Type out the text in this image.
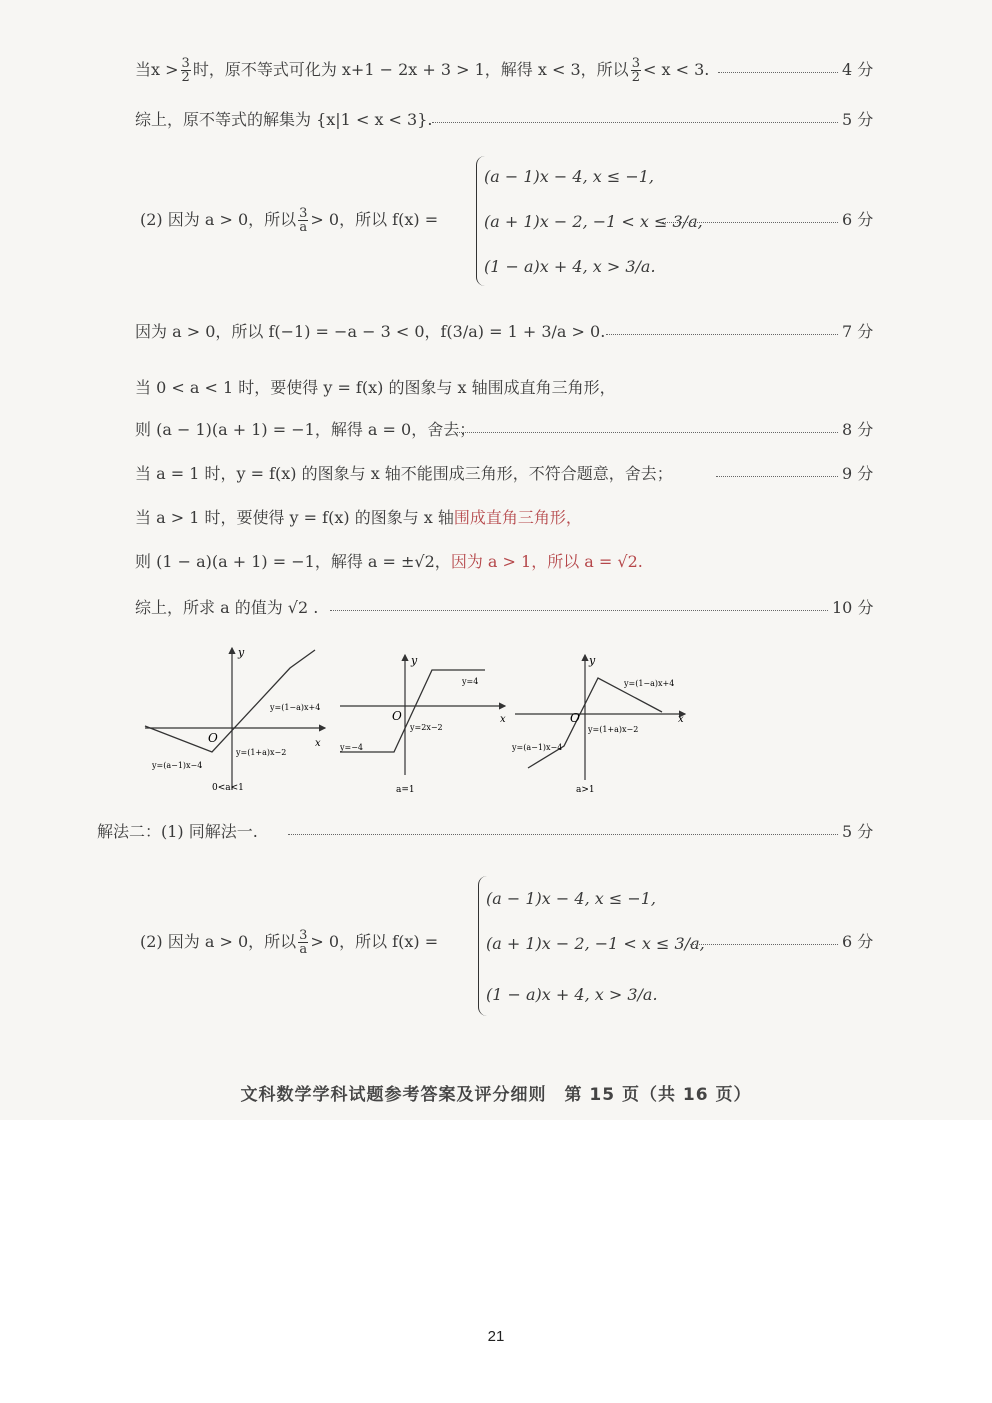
当$x > \frac{3}{2}$ 时，原不等式可化为 x+1 − 2x + 3 > 1，解得 x < 3，所以 $\frac{3}{2} < x < 3$.	4 分
综上，原不等式的解集为 {x|1 < x < 3}.	5 分
(2) 因为 a > 0，所以 $\frac{3}{a} > 0$，所以 f(x) =
(a − 1)x − 4, x ≤ −1,
(a + 1)x − 2, −1 < x ≤ 3/a,
(1 − a)x + 4, x > 3/a.
6 分
因为 a > 0，所以 f(−1) = −a − 3 < 0，f(3/a) = 1 + 3/a > 0.	7 分
当 0 < a < 1 时，要使得 y = f(x) 的图象与 x 轴围成直角三角形，
则 (a − 1)(a + 1) = −1，解得 a = 0，舍去；	8 分
当 a = 1 时，y = f(x) 的图象与 x 轴不能围成三角形，不符合题意，舍去；	9 分
当 a > 1 时，要使得 y = f(x) 的图象与 x 轴围成直角三角形，
则 (1 − a)(a + 1) = −1，解得 a = ±√2，因为 a > 1，所以 a = √2.
综上，所求 a 的值为 √2 .	10 分
y
O	x
y=(1−a)x+4
y=(1+a)x−2
y=(a−1)x−4
0<a<1
y
O	x
y=4
y=2x−2
y=−4
a=1
y
O	x
y=(1−a)x+4
y=(1+a)x−2
y=(a−1)x−4
a>1
解法二：(1) 同解法一.	5 分
(2) 因为 a > 0，所以 $\frac{3}{a} > 0$，所以 f(x) =
(a − 1)x − 4, x ≤ −1,
(a + 1)x − 2, −1 < x ≤ 3/a,
(1 − a)x + 4, x > 3/a.
6 分
文科数学学科试题参考答案及评分细则　第 15 页（共 16 页）
21
